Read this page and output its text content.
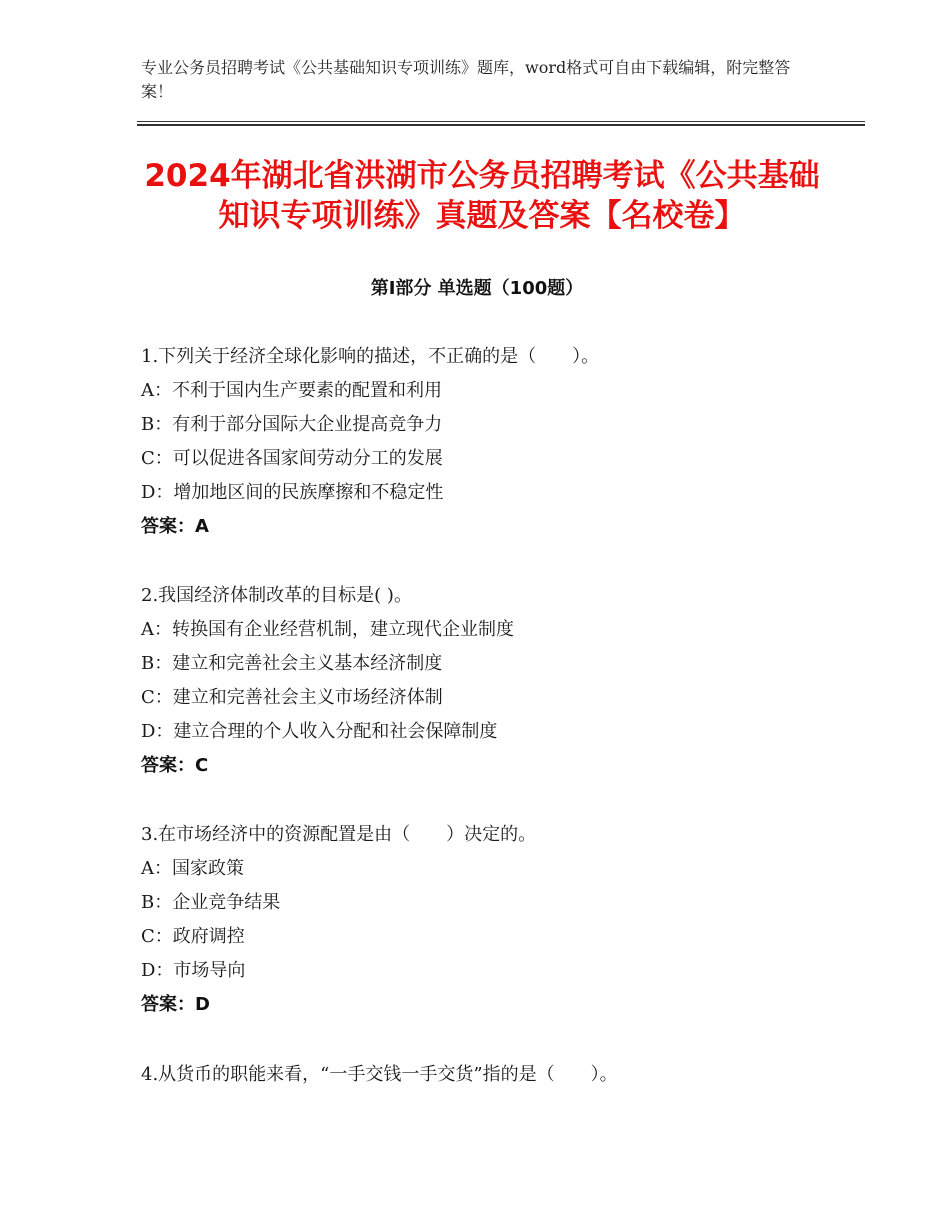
专业公务员招聘考试《公共基础知识专项训练》题库，word格式可自由下载编辑，附完整答案！
2024年湖北省洪湖市公务员招聘考试《公共基础知识专项训练》真题及答案【名校卷】
第Ⅰ部分 单选题（100题）
1.下列关于经济全球化影响的描述，不正确的是（　　）。
A：不利于国内生产要素的配置和利用
B：有利于部分国际大企业提高竞争力
C：可以促进各国家间劳动分工的发展
D：增加地区间的民族摩擦和不稳定性
答案：A
2.我国经济体制改革的目标是( )。
A：转换国有企业经营机制，建立现代企业制度
B：建立和完善社会主义基本经济制度
C：建立和完善社会主义市场经济体制
D：建立合理的个人收入分配和社会保障制度
答案：C
3.在市场经济中的资源配置是由（　　）决定的。
A：国家政策
B：企业竞争结果
C：政府调控
D：市场导向
答案：D
4.从货币的职能来看，“一手交钱一手交货”指的是（　　）。
